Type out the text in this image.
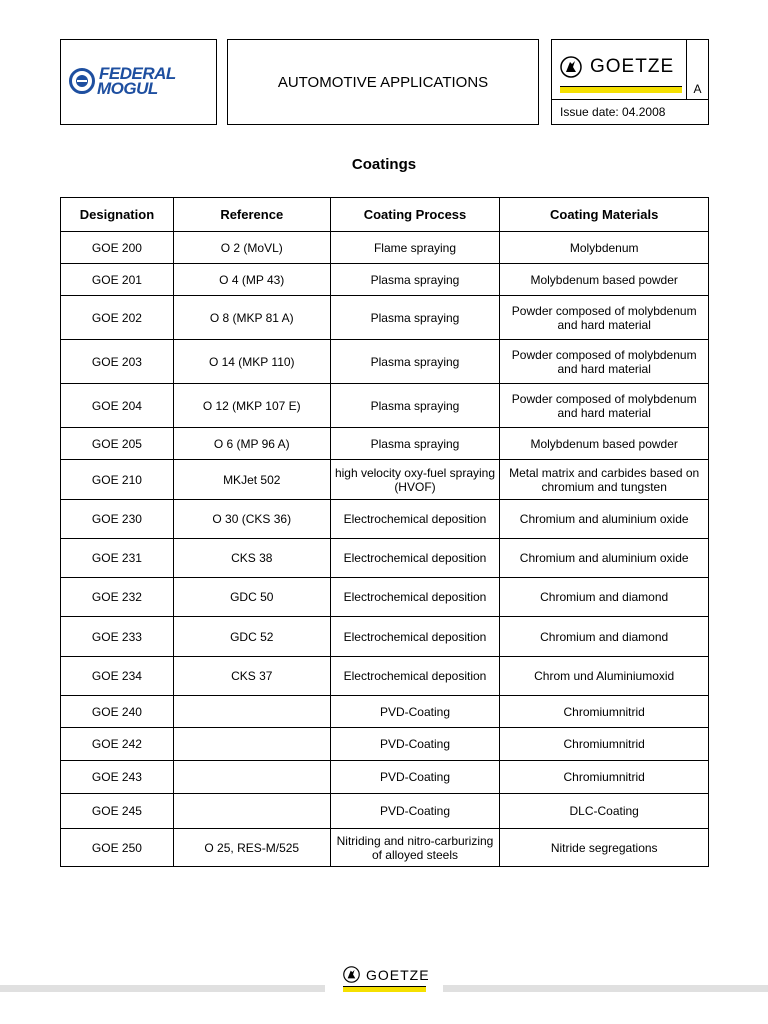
FEDERAL
MOGUL	AUTOMOTIVE APPLICATIONS
GOETZE
A
Issue date: 04.2008
Coatings
Designation	Reference	Coating Process	Coating Materials
GOE 200	O 2 (MoVL)	Flame spraying	Molybdenum
GOE 201	O 4 (MP 43)	Plasma spraying	Molybdenum based powder
GOE 202	O 8 (MKP 81 A)	Plasma spraying	Powder composed of molybdenum and hard material
GOE 203	O 14 (MKP 110)	Plasma spraying	Powder composed of molybdenum and hard material
GOE 204	O 12 (MKP 107 E)	Plasma spraying	Powder composed of molybdenum and hard material
GOE 205	O 6 (MP 96 A)	Plasma spraying	Molybdenum based powder
GOE 210	MKJet 502	high velocity oxy-fuel spraying (HVOF)	Metal matrix and carbides based on chromium and tungsten
GOE 230	O 30 (CKS 36)	Electrochemical deposition	Chromium and aluminium oxide
GOE 231	CKS 38	Electrochemical deposition	Chromium and aluminium oxide
GOE 232	GDC 50	Electrochemical deposition	Chromium and diamond
GOE 233	GDC 52	Electrochemical deposition	Chromium and diamond
GOE 234	CKS 37	Electrochemical deposition	Chrom und Aluminiumoxid
GOE 240		PVD-Coating	Chromiumnitrid
GOE 242		PVD-Coating	Chromiumnitrid
GOE 243		PVD-Coating	Chromiumnitrid
GOE 245		PVD-Coating	DLC-Coating
GOE 250	O 25, RES-M/525	Nitriding and nitro-carburizing of alloyed steels	Nitride segregations
GOETZE
